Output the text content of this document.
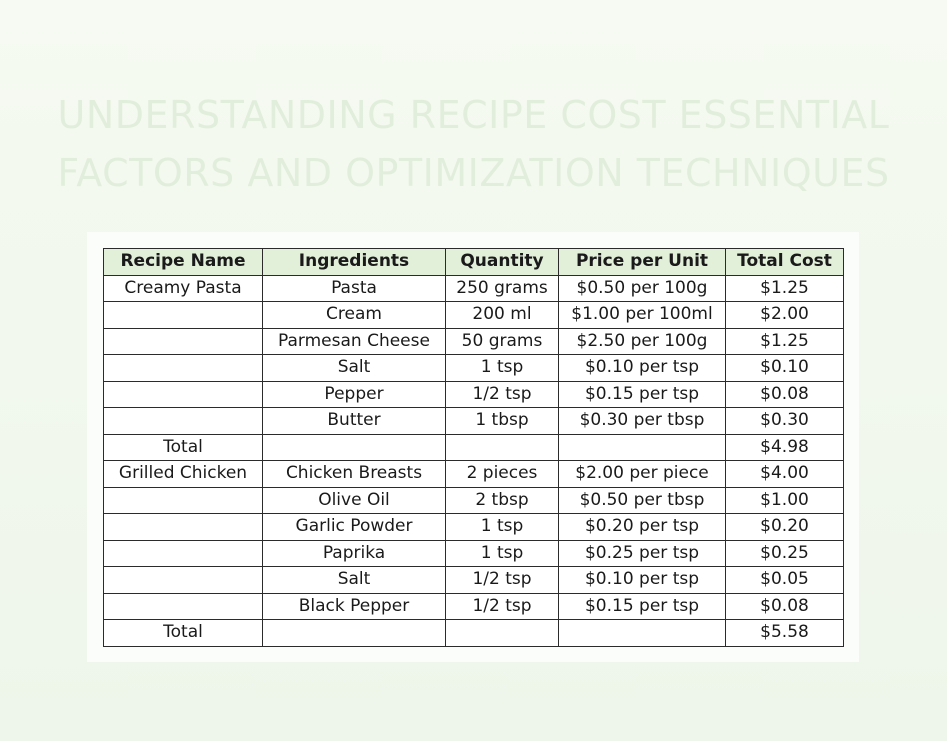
UNDERSTANDING RECIPE COST ESSENTIAL
FACTORS AND OPTIMIZATION TECHNIQUES
Recipe Name	Ingredients	Quantity	Price per Unit	Total Cost
Creamy Pasta	Pasta	250 grams	$0.50 per 100g	$1.25
	Cream	200 ml	$1.00 per 100ml	$2.00
	Parmesan Cheese	50 grams	$2.50 per 100g	$1.25
	Salt	1 tsp	$0.10 per tsp	$0.10
	Pepper	1/2 tsp	$0.15 per tsp	$0.08
	Butter	1 tbsp	$0.30 per tbsp	$0.30
Total				$4.98
Grilled Chicken	Chicken Breasts	2 pieces	$2.00 per piece	$4.00
	Olive Oil	2 tbsp	$0.50 per tbsp	$1.00
	Garlic Powder	1 tsp	$0.20 per tsp	$0.20
	Paprika	1 tsp	$0.25 per tsp	$0.25
	Salt	1/2 tsp	$0.10 per tsp	$0.05
	Black Pepper	1/2 tsp	$0.15 per tsp	$0.08
Total				$5.58
